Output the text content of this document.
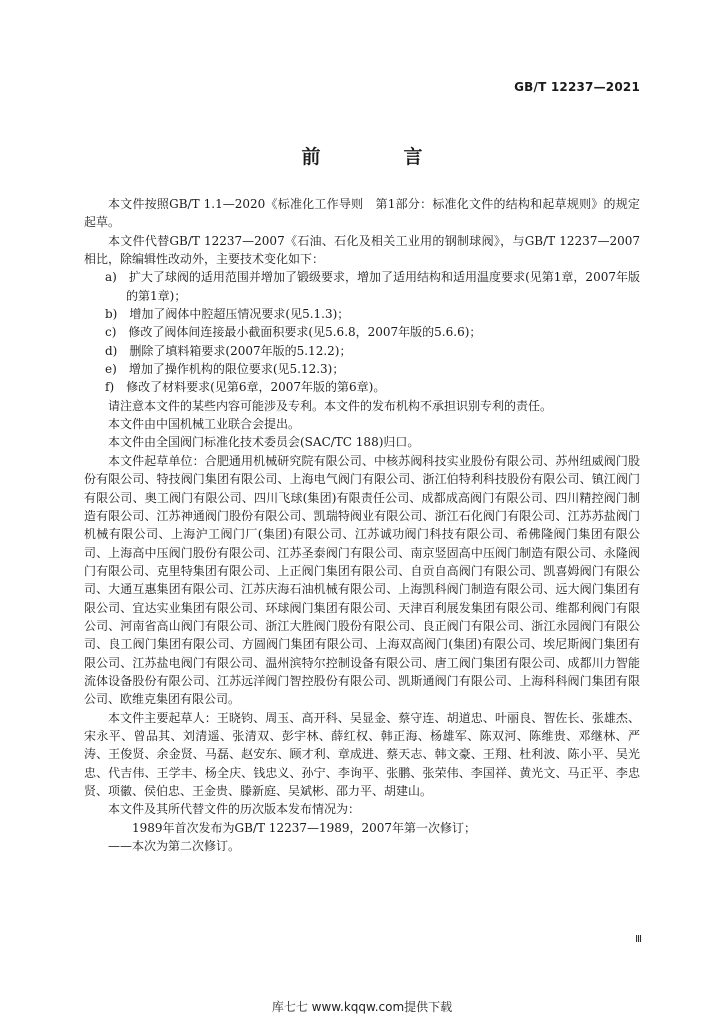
GB/T 12237—2021
前　言

本文件按照GB/T 1.1—2020《标准化工作导则　第1部分：标准化文件的结构和起草规则》的规定起草。

本文件代替GB/T 12237—2007《石油、石化及相关工业用的钢制球阀》，与GB/T 12237—2007相比，除编辑性改动外，主要技术变化如下：

a)　 扩大了球阀的适用范围并增加了锻级要求，增加了适用结构和适用温度要求(见第1章，2007年版的第1章)；

b)　 增加了阀体中腔超压情况要求(见5.1.3)；

c)　 修改了阀体间连接最小截面积要求(见5.6.8，2007年版的5.6.6)；

d)　 删除了填料箱要求(2007年版的5.12.2)；

e)　 增加了操作机构的限位要求(见5.12.3)；

f)　 修改了材料要求(见第6章，2007年版的第6章)。

请注意本文件的某些内容可能涉及专利。本文件的发布机构不承担识别专利的责任。

本文件由中国机械工业联合会提出。

本文件由全国阀门标准化技术委员会(SAC/TC 188)归口。

本文件起草单位：合肥通用机械研究院有限公司、中核苏阀科技实业股份有限公司、苏州纽威阀门股份有限公司、特技阀门集团有限公司、上海电气阀门有限公司、浙江伯特利科技股份有限公司、镇江阀门有限公司、奥工阀门有限公司、四川飞球(集团)有限责任公司、成都成高阀门有限公司、四川精控阀门制造有限公司、江苏神通阀门股份有限公司、凯瑞特阀业有限公司、浙江石化阀门有限公司、江苏苏盐阀门机械有限公司、上海沪工阀门厂(集团)有限公司、江苏诚功阀门科技有限公司、希佛隆阀门集团有限公司、上海高中压阀门股份有限公司、江苏圣泰阀门有限公司、南京竖固高中压阀门制造有限公司、永隆阀门有限公司、克里特集团有限公司、上正阀门集团有限公司、自贡自高阀门有限公司、凯喜姆阀门有限公司、大通互惠集团有限公司、江苏庆海石油机械有限公司、上海凯科阀门制造有限公司、远大阀门集团有限公司、宜达实业集团有限公司、环球阀门集团有限公司、天津百利展发集团有限公司、维都利阀门有限公司、河南省高山阀门有限公司、浙江大胜阀门股份有限公司、良正阀门有限公司、浙江永园阀门有限公司、良工阀门集团有限公司、方圆阀门集团有限公司、上海双高阀门(集团)有限公司、埃尼斯阀门集团有限公司、江苏盐电阀门有限公司、温州滨特尔控制设备有限公司、唐工阀门集团有限公司、成都川力智能流体设备股份有限公司、江苏远洋阀门智控股份有限公司、凯斯通阀门有限公司、上海科科阀门集团有限公司、欧维克集团有限公司。

本文件主要起草人：王晓钧、周玉、高开科、吴显金、蔡守连、胡道忠、叶丽良、智佐长、张雄杰、宋永平、曾品其、刘清遥、张清双、彭宇林、薛红权、韩正海、杨雄军、陈双河、陈维贵、邓继林、严涛、王俊贤、余金贤、马磊、赵安东、顾才利、章成进、蔡天志、韩文豪、王翔、杜利波、陈小平、吴光忠、代吉伟、王学丰、杨全庆、钱忠义、孙宁、李询平、张鹏、张荣伟、李国祥、黄光文、马正平、李忠贤、项徽、侯伯忠、王金贵、滕新庭、吴斌彬、邵力平、胡建山。

本文件及其所代替文件的历次版本发布情况为：

1989年首次发布为GB/T 12237—1989，2007年第一次修订；

——本次为第二次修订。

Ⅲ
库七七 www.kqqw.com提供下载
